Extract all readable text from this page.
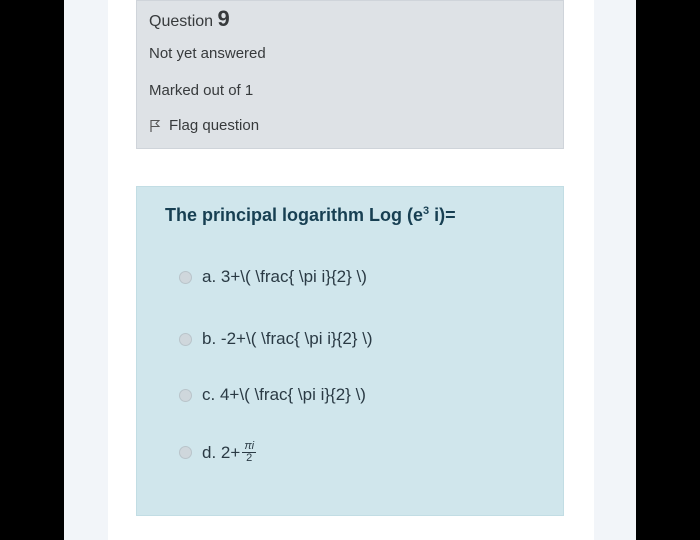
Question 9
Not yet answered
Marked out of 1
Flag question
The principal logarithm Log ($e^3$ i)=
a.
3+\( \frac{ \pi i}{2} \)
b.
-2+\( \frac{ \pi i}{2} \)
c.
4+\( \frac{ \pi i}{2} \)
d.
$2+ \frac{\pi i}{2}$
